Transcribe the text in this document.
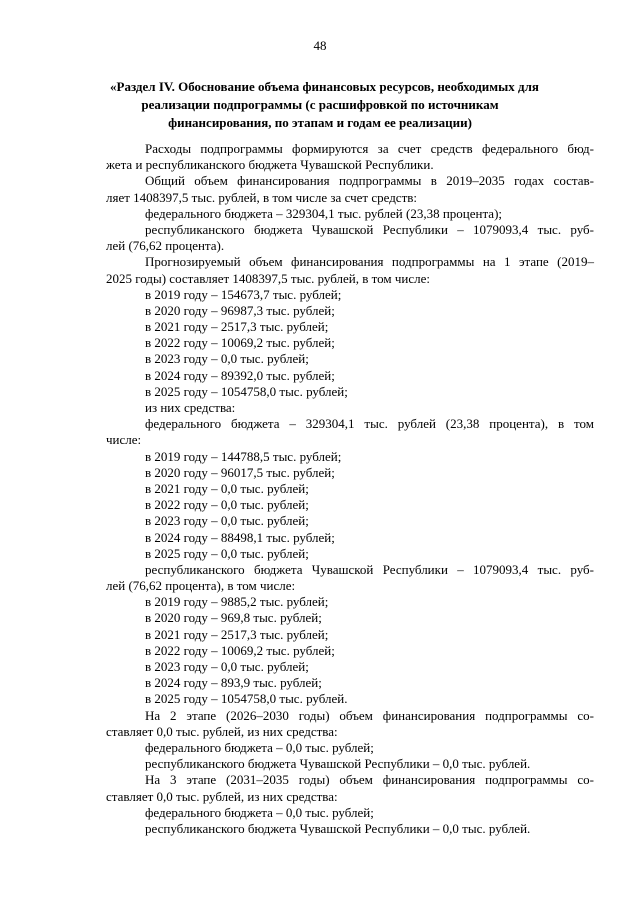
48
«Раздел IV. Обоснование объема финансовых ресурсов, необходимых для
реализации подпрограммы (с расшифровкой по источникам
финансирования, по этапам и годам ее реализации)
Расходы подпрограммы формируются за счет средств федерального бюд-
жета и республиканского бюджета Чувашской Республики.
Общий объем финансирования подпрограммы в 2019–2035 годах состав-
ляет 1408397,5 тыс. рублей, в том числе за счет средств:
федерального бюджета – 329304,1 тыс. рублей (23,38 процента);
республиканского бюджета Чувашской Республики – 1079093,4 тыс. руб-
лей (76,62 процента).
Прогнозируемый объем финансирования подпрограммы на 1 этапе (2019–
2025 годы) составляет 1408397,5 тыс. рублей, в том числе:
в 2019 году – 154673,7 тыс. рублей;
в 2020 году – 96987,3 тыс. рублей;
в 2021 году – 2517,3 тыс. рублей;
в 2022 году – 10069,2 тыс. рублей;
в 2023 году – 0,0 тыс. рублей;
в 2024 году – 89392,0 тыс. рублей;
в 2025 году – 1054758,0 тыс. рублей;
из них средства:
федерального бюджета – 329304,1 тыс. рублей (23,38 процента), в том
числе:
в 2019 году – 144788,5 тыс. рублей;
в 2020 году – 96017,5 тыс. рублей;
в 2021 году – 0,0 тыс. рублей;
в 2022 году – 0,0 тыс. рублей;
в 2023 году – 0,0 тыс. рублей;
в 2024 году – 88498,1 тыс. рублей;
в 2025 году – 0,0 тыс. рублей;
республиканского бюджета Чувашской Республики – 1079093,4 тыс. руб-
лей (76,62 процента), в том числе:
в 2019 году – 9885,2 тыс. рублей;
в 2020 году – 969,8 тыс. рублей;
в 2021 году – 2517,3 тыс. рублей;
в 2022 году – 10069,2 тыс. рублей;
в 2023 году – 0,0 тыс. рублей;
в 2024 году – 893,9 тыс. рублей;
в 2025 году – 1054758,0 тыс. рублей.
На 2 этапе (2026–2030 годы) объем финансирования подпрограммы со-
ставляет 0,0 тыс. рублей, из них средства:
федерального бюджета – 0,0 тыс. рублей;
республиканского бюджета Чувашской Республики – 0,0 тыс. рублей.
На 3 этапе (2031–2035 годы) объем финансирования подпрограммы со-
ставляет 0,0 тыс. рублей, из них средства:
федерального бюджета – 0,0 тыс. рублей;
республиканского бюджета Чувашской Республики – 0,0 тыс. рублей.
